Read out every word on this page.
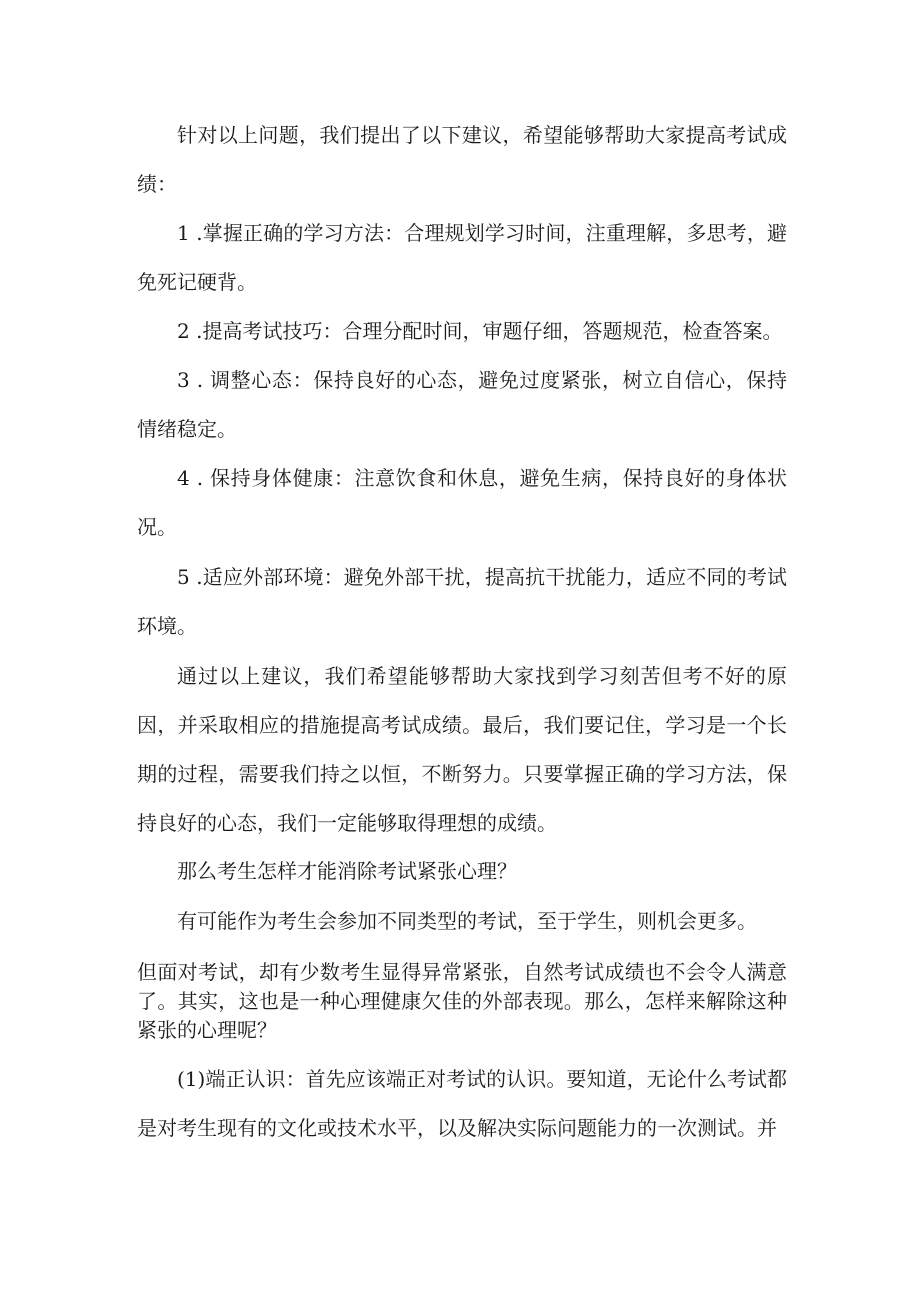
针对以上问题，我们提出了以下建议，希望能够帮助大家提高考试成绩：

1 .掌握正确的学习方法：合理规划学习时间，注重理解，多思考，避免死记硬背。

2 .提高考试技巧：合理分配时间，审题仔细，答题规范，检查答案。

3 . 调整心态：保持良好的心态，避免过度紧张，树立自信心，保持情绪稳定。

4 . 保持身体健康：注意饮食和休息，避免生病，保持良好的身体状况。

5 .适应外部环境：避免外部干扰，提高抗干扰能力，适应不同的考试环境。

通过以上建议，我们希望能够帮助大家找到学习刻苦但考不好的原因，并采取相应的措施提高考试成绩。最后，我们要记住，学习是一个长期的过程，需要我们持之以恒，不断努力。只要掌握正确的学习方法，保持良好的心态，我们一定能够取得理想的成绩。

那么考生怎样才能消除考试紧张心理？

有可能作为考生会参加不同类型的考试，至于学生，则机会更多。

但面对考试，却有少数考生显得异常紧张，自然考试成绩也不会令人满意了。其实，这也是一种心理健康欠佳的外部表现。那么，怎样来解除这种紧张的心理呢？

(1)端正认识：首先应该端正对考试的认识。要知道，无论什么考试都是对考生现有的文化或技术水平，以及解决实际问题能力的一次测试。并
